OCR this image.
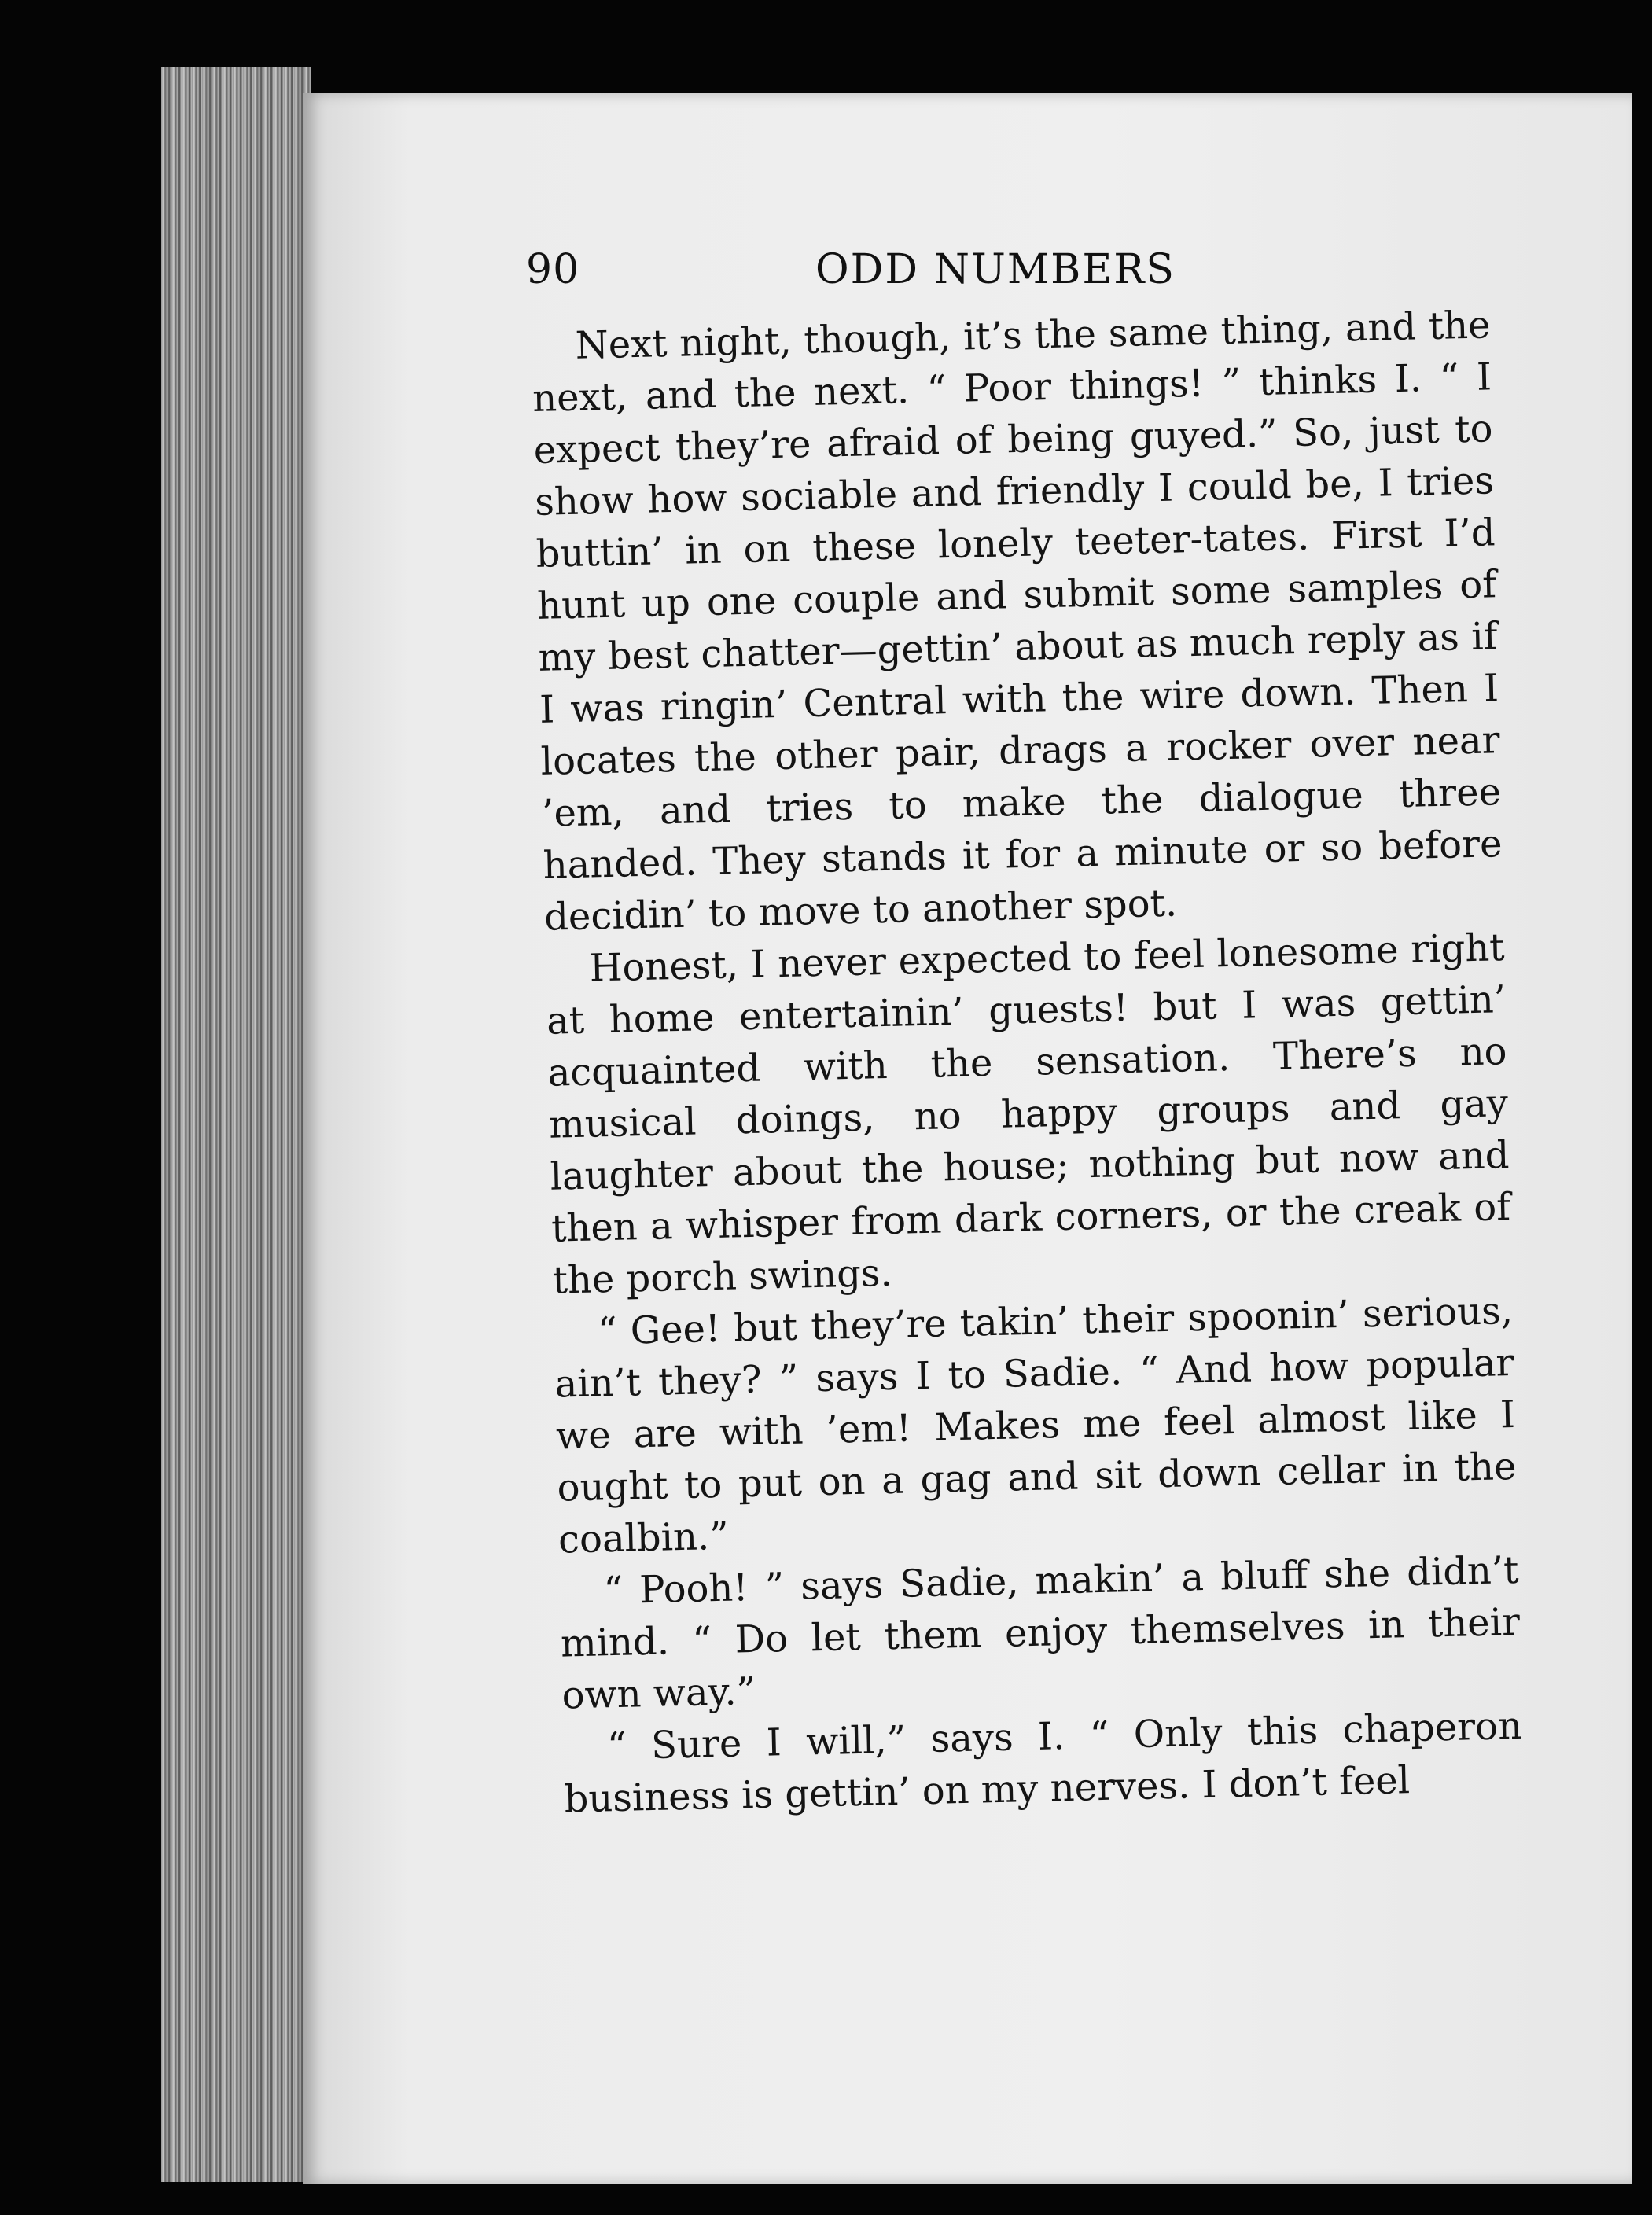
90	ODD NUMBERS

Next night, though, it’s the same thing, and the next, and the next. “ Poor things! ” thinks I. “ I expect they’re afraid of being guyed.” So, just to show how sociable and friendly I could be, I tries buttin’ in on these lonely teeter-tates. First I’d hunt up one couple and submit some samples of my best chatter—gettin’ about as much reply as if I was ringin’ Central with the wire down. Then I locates the other pair, drags a rocker over near ’em, and tries to make the dialogue three handed. They stands it for a minute or so before decidin’ to move to another spot.

Honest, I never expected to feel lonesome right at home entertainin’ guests! but I was gettin’ acquainted with the sensation. There’s no musical doings, no happy groups and gay laughter about the house; nothing but now and then a whisper from dark corners, or the creak of the porch swings.

“ Gee! but they’re takin’ their spoonin’ serious, ain’t they? ” says I to Sadie. “ And how popular we are with ’em! Makes me feel almost like I ought to put on a gag and sit down cellar in the coalbin.”

“ Pooh! ” says Sadie, makin’ a bluff she didn’t mind. “ Do let them enjoy themselves in their own way.”

“ Sure I will,” says I. “ Only this chaperon business is gettin’ on my nerves. I don’t feel
